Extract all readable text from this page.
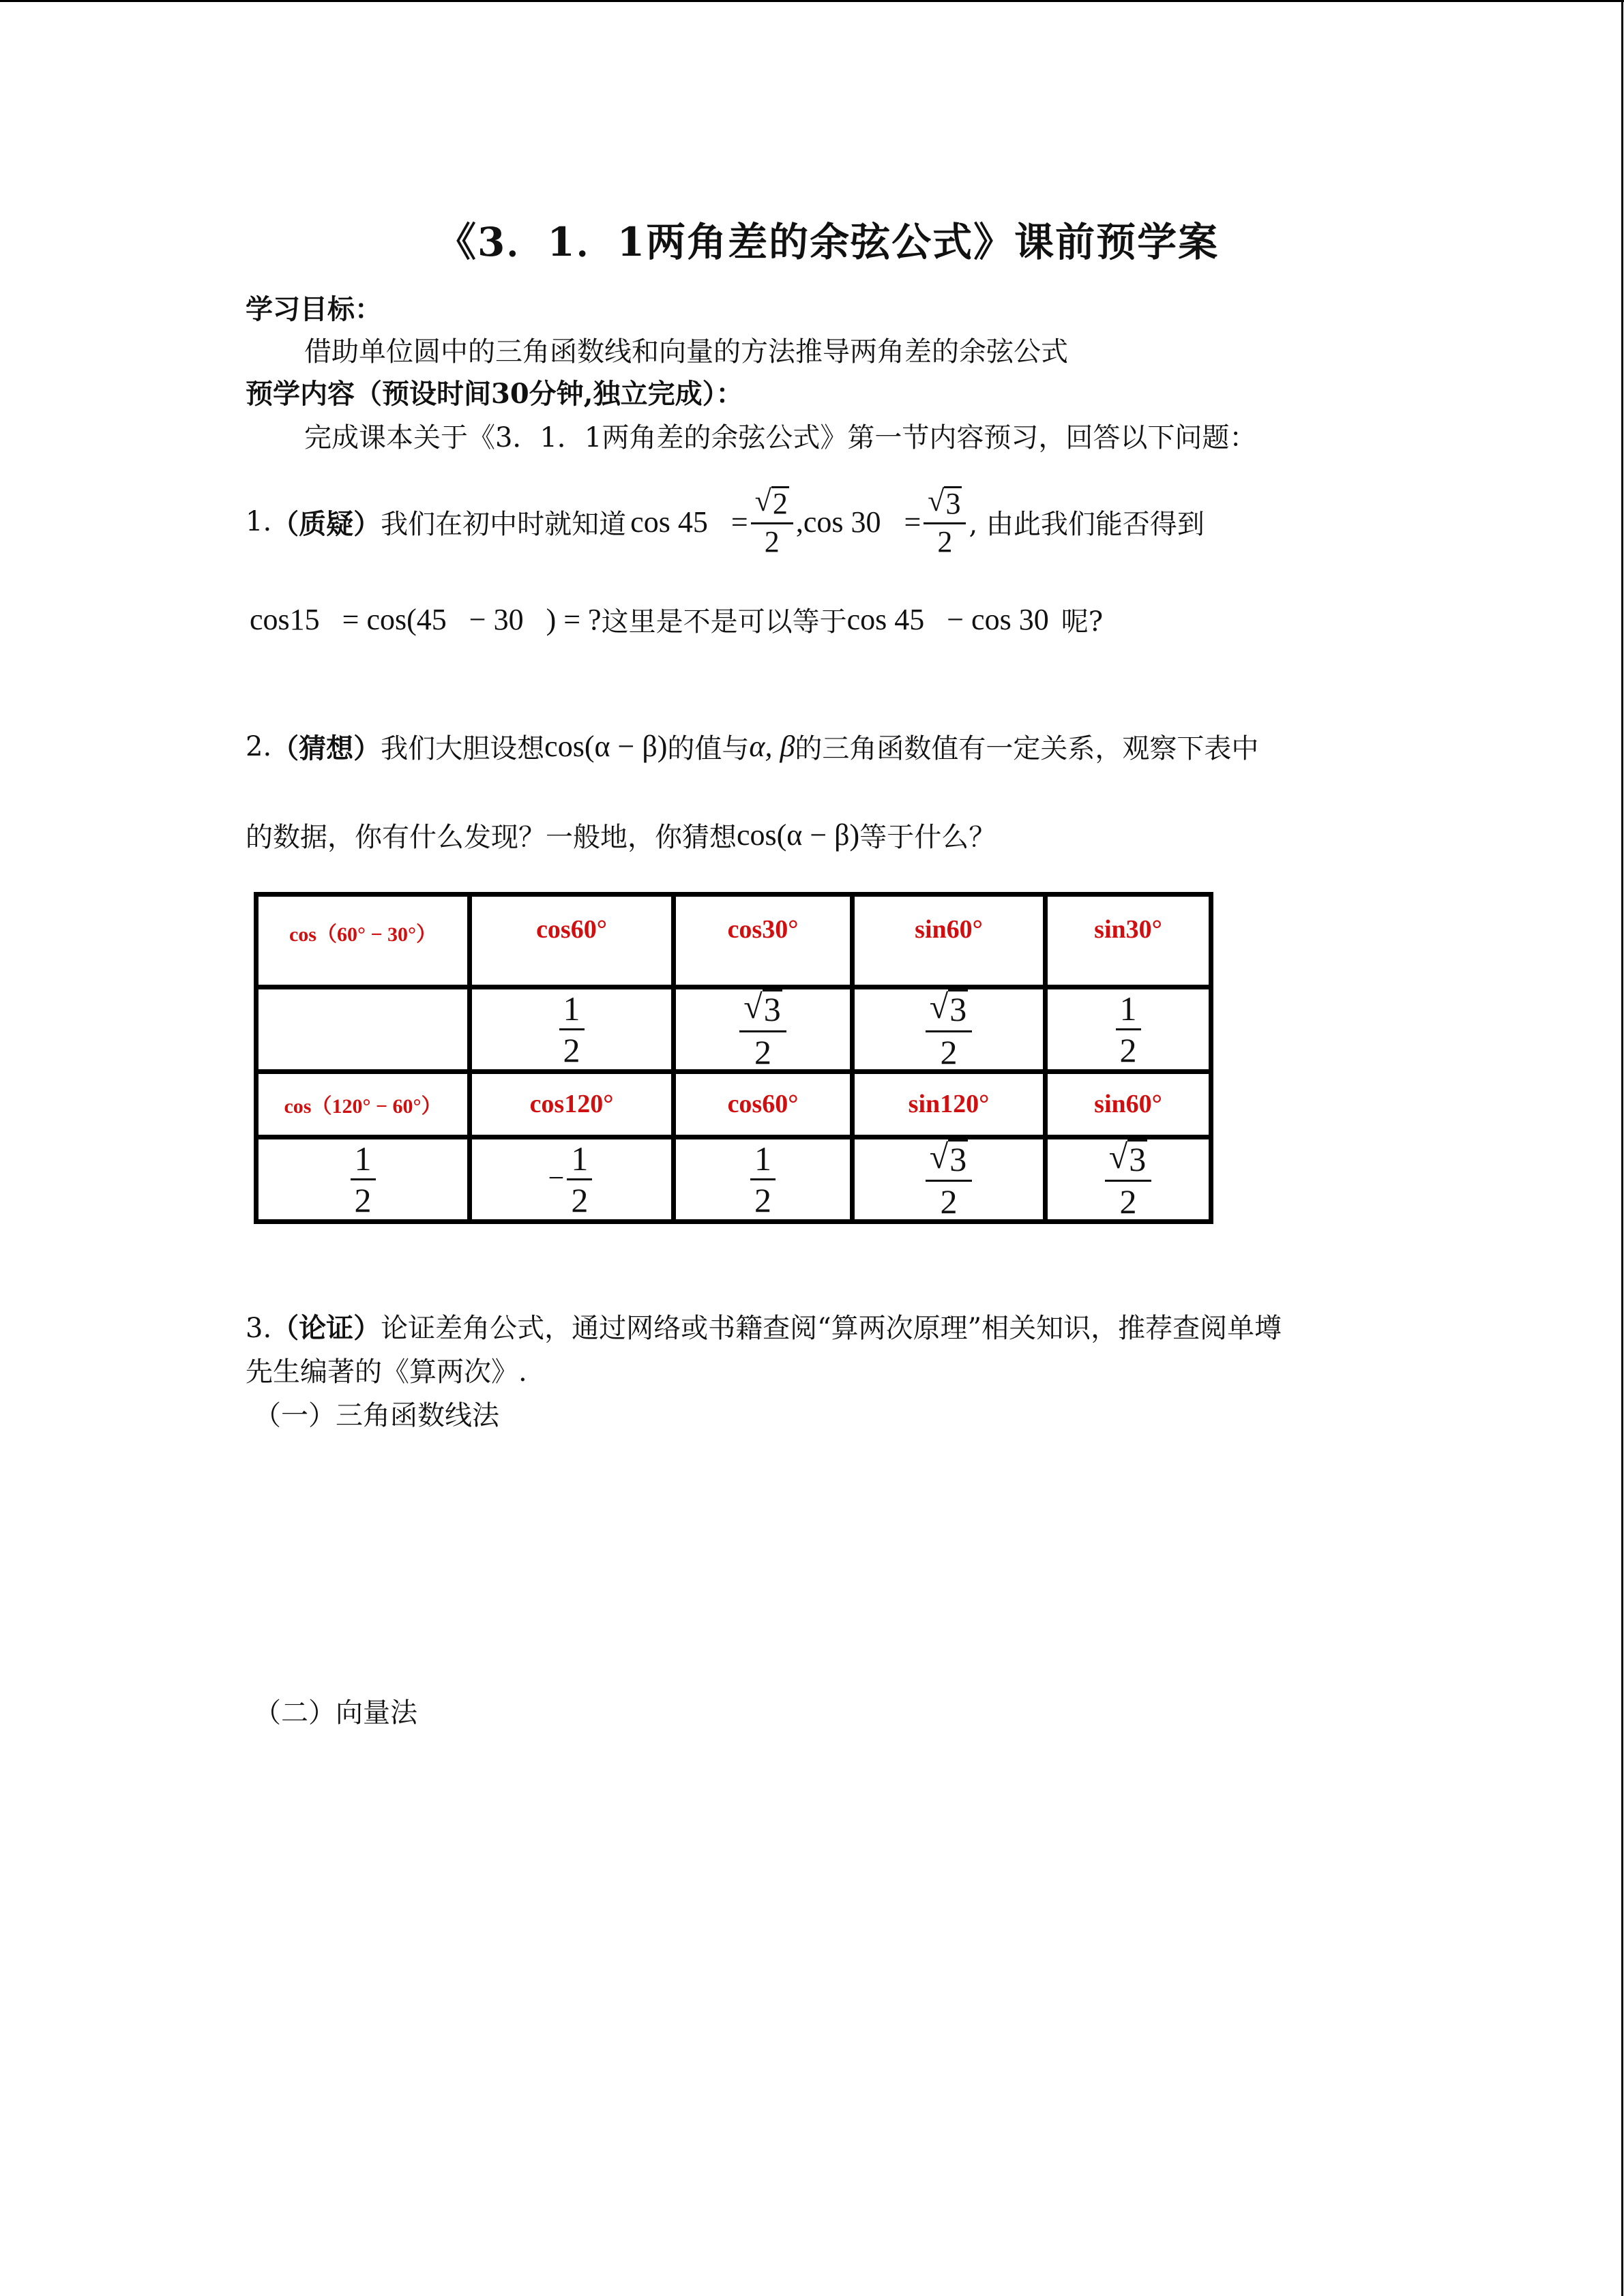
《3．1．1两角差的余弦公式》课前预学案
学习目标：
借助单位圆中的三角函数线和向量的方法推导两角差的余弦公式
预学内容（预设时间30分钟,独立完成）：
完成课本关于《3．1．1两角差的余弦公式》第一节内容预习，回答以下问题：
1. （质疑） 我们在初中时就知道 $\cos 45 = \frac{√ 2}{2} ,\cos$ $30 = \frac{√ 3}{2}$ , 由此我们能否得到
cos15   = cos(45   − 30   ) = ? 这里是不是可以等于 cos 45   − cos 30 呢?
2. （猜想） 我们大胆设想 cos(α − β) 的值与 α, β 的三角函数值有一定关系，观察下表中
的数据，你有什么发现？一般地，你猜想 cos(α − β) 等于什么？
cos（60° − 30°）	cos60°	cos30°	sin60°	sin30°

	$\frac{1}{2}$	$\frac{√ 3}{2}$	$\frac{√ 3}{2}$	$\frac{1}{2}$

cos（120° − 60°）	cos120°	cos60°	sin120°	sin60°

$\frac{1}{2}$	− $\frac{1}{2}$	$\frac{1}{2}$	$\frac{√ 3}{2}$	$\frac{√ 3}{2}$
3.（论证）论证差角公式，通过网络或书籍查阅“算两次原理”相关知识，推荐查阅单墫
先生编著的《算两次》.
（一）三角函数线法
（二）向量法
